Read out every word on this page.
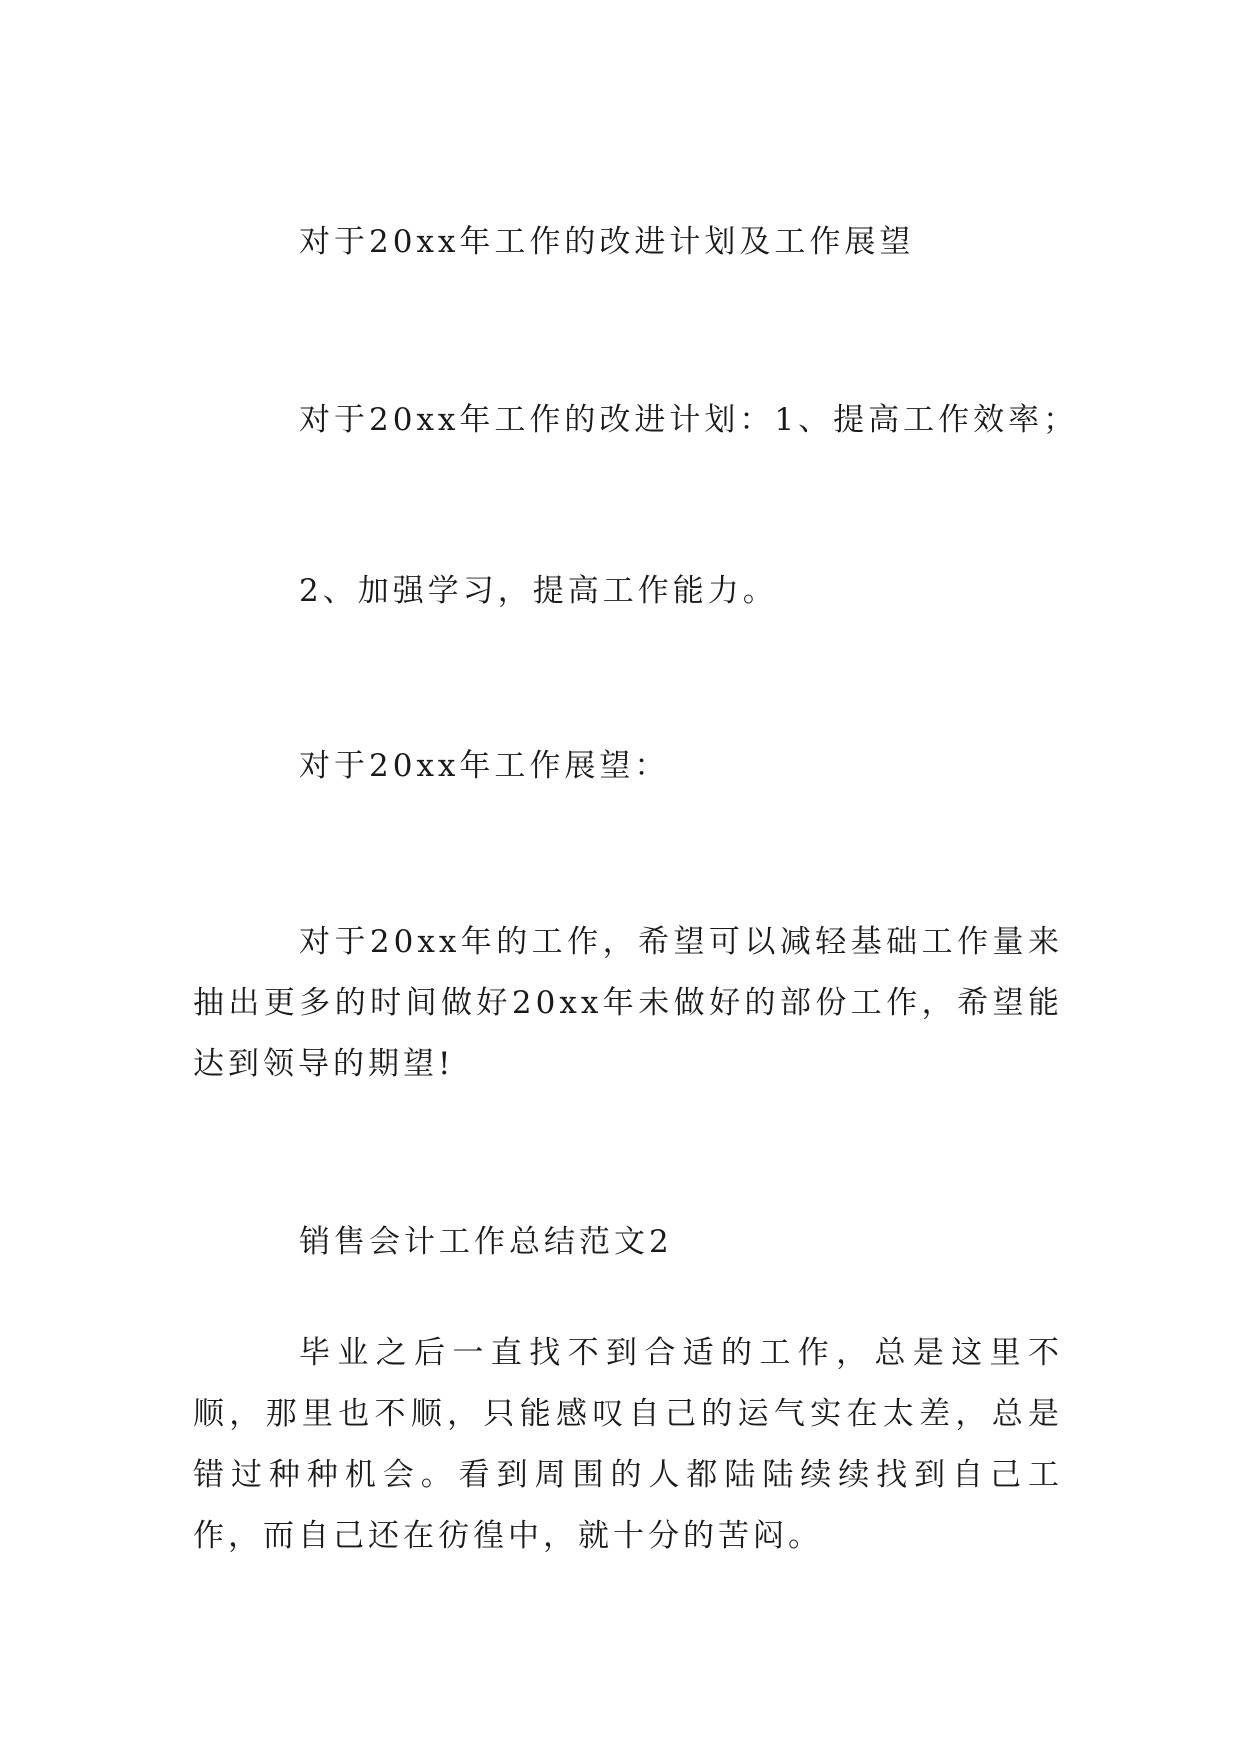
对于20xx年工作的改进计划及工作展望
对于20xx年工作的改进计划：1、提高工作效率；
2、加强学习，提高工作能力。
对于20xx年工作展望：
对于20xx年的工作，希望可以减轻基础工作量来抽出更多的时间做好20xx年未做好的部份工作，希望能达到领导的期望!
销售会计工作总结范文2
毕业之后一直找不到合适的工作，总是这里不顺，那里也不顺，只能感叹自己的运气实在太差，总是错过种种机会。看到周围的人都陆陆续续找到自己工作，而自己还在彷徨中，就十分的苦闷。
